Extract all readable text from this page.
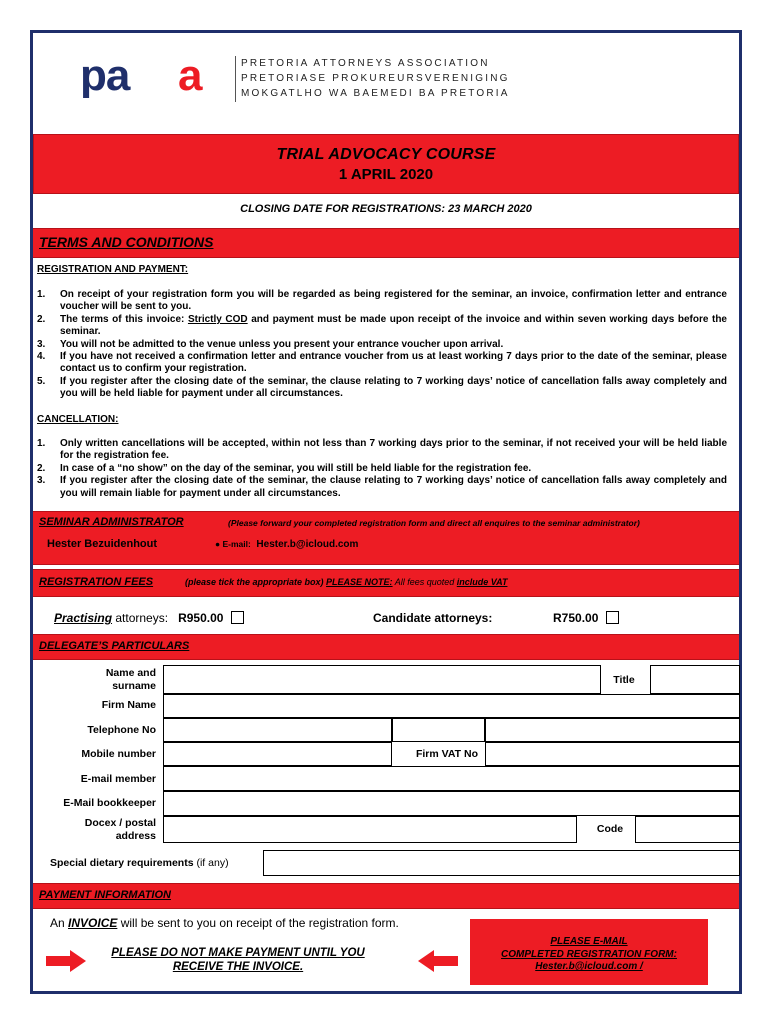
pa a	PRETORIA ATTORNEYS ASSOCIATION
PRETORIASE PROKUREURSVERENIGING
MOKGATLHO WA BAEMEDI BA PRETORIA
TRIAL ADVOCACY COURSE
1 APRIL 2020
CLOSING DATE FOR REGISTRATIONS: 23 MARCH 2020
TERMS AND CONDITIONS
REGISTRATION AND PAYMENT:
1.	On receipt of your registration form you will be regarded as being registered for the seminar, an invoice, confirmation letter and entrance voucher will be sent to you.
2.	The terms of this invoice: Strictly COD and payment must be made upon receipt of the invoice and within seven working days before the seminar.
3.	You will not be admitted to the venue unless you present your entrance voucher upon arrival.
4.	If you have not received a confirmation letter and entrance voucher from us at least working 7 days prior to the date of the seminar, please contact us to confirm your registration.
5.	If you register after the closing date of the seminar, the clause relating to 7 working days’ notice of cancellation falls away completely and you will be held liable for payment under all circumstances.
CANCELLATION:
1.	Only written cancellations will be accepted, within not less than 7 working days prior to the seminar, if not received your will be held liable for the registration fee.
2.	In case of a “no show” on the day of the seminar, you will still be held liable for the registration fee.
3.	If you register after the closing date of the seminar, the clause relating to 7 working days’ notice of cancellation falls away completely and you will remain liable for payment under all circumstances.
SEMINAR ADMINISTRATOR	(Please forward your completed registration form and direct all enquires to the seminar administrator)
Hester Bezuidenhout	● E-mail: Hester.b@icloud.com
REGISTRATION FEES	(please tick the appropriate box) PLEASE NOTE: All fees quoted include VAT
Practising attorneys: R950.00	Candidate attorneys:	R750.00
DELEGATE’S PARTICULARS
Name and
surname	Title
Firm Name
Telephone No
Mobile number	Firm VAT No
E-mail member
E-Mail bookkeeper
Docex / postal
address
Code
Special dietary requirements (if any)
PAYMENT INFORMATION
An INVOICE will be sent to you on receipt of the registration form.
PLEASE DO NOT MAKE PAYMENT UNTIL YOU
RECEIVE THE INVOICE.
PLEASE E-MAIL
COMPLETED REGISTRATION FORM:
Hester.b@icloud.com /
